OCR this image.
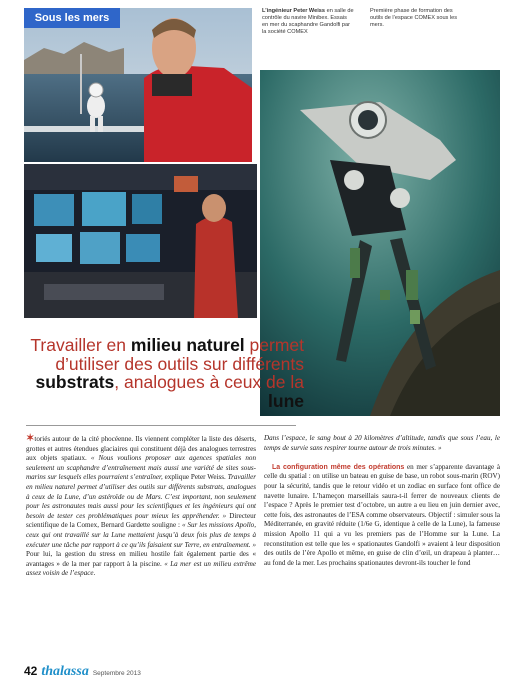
Sous les mers
L’ingénieur Peter Weiss en salle de contrôle du navire Minibex. Essais en mer du scaphandre Gandolfi par la société COMEX
Première phase de formation des outils de l’espace COMEX sous les mers.
Travailler en milieu naturel permet d’utiliser des outils sur différents substrats, analogues à ceux de la lune

✶toriés autour de la cité phocéenne. Ils viennent compléter la liste des déserts, grottes et autres étendues glaciaires qui constituent déjà des analogues terrestres aux objets spatiaux. « Nous voulions proposer aux agences spatiales non seulement un scaphandre d’entraînement mais aussi une variété de sites sous-marins sur lesquels elles pourraient s’entraîner, explique Peter Weiss. Travailler en milieu naturel permet d’utiliser des outils sur différents substrats, analogues à ceux de la Lune, d’un astéroïde ou de Mars. C’est important, non seulement pour les astronautes mais aussi pour les scientifiques et les ingénieurs qui ont besoin de tester ces problématiques pour mieux les appréhender. » Directeur scientifique de la Comex, Bernard Gardette souligne : « Sur les missions Apollo, ceux qui ont travaillé sur la Lune mettaient jusqu’à deux fois plus de temps à exécuter une tâche par rapport à ce qu’ils faisaient sur Terre, en entraînement. » Pour lui, la gestion du stress en milieu hostile fait également partie des « avantages » de la mer par rapport à la piscine. « La mer est un milieu extrême assez voisin de l’espace.

Dans l’espace, le sang bout à 20 kilomètres d’altitude, tandis que sous l’eau, le temps de survie sans respirer tourne autour de trois minutes. »

La configuration même des opérations en mer s’apparente davantage à celle du spatial : on utilise un bateau en guise de base, un robot sous-marin (ROV) pour la sécurité, tandis que le retour vidéo et un zodiac en surface font office de navette lunaire. L’hameçon marseillais saura-t-il ferrer de nouveaux clients de l’espace ? Après le premier test d’octobre, un autre a eu lieu en juin dernier avec, cette fois, des astronautes de l’ESA comme observateurs. Objectif : simuler sous la Méditerranée, en gravité réduite (1/6e G, identique à celle de la Lune), la fameuse mission Apollo 11 qui a vu les premiers pas de l’Homme sur la Lune. La reconstitution est telle que les « spationautes Gandolfi » avaient à leur disposition des outils de l’ère Apollo et même, en guise de clin d’œil, un drapeau à planter… au fond de la mer. Les prochains spationautes devront-ils toucher le fond

42 thalassa Septembre 2013
